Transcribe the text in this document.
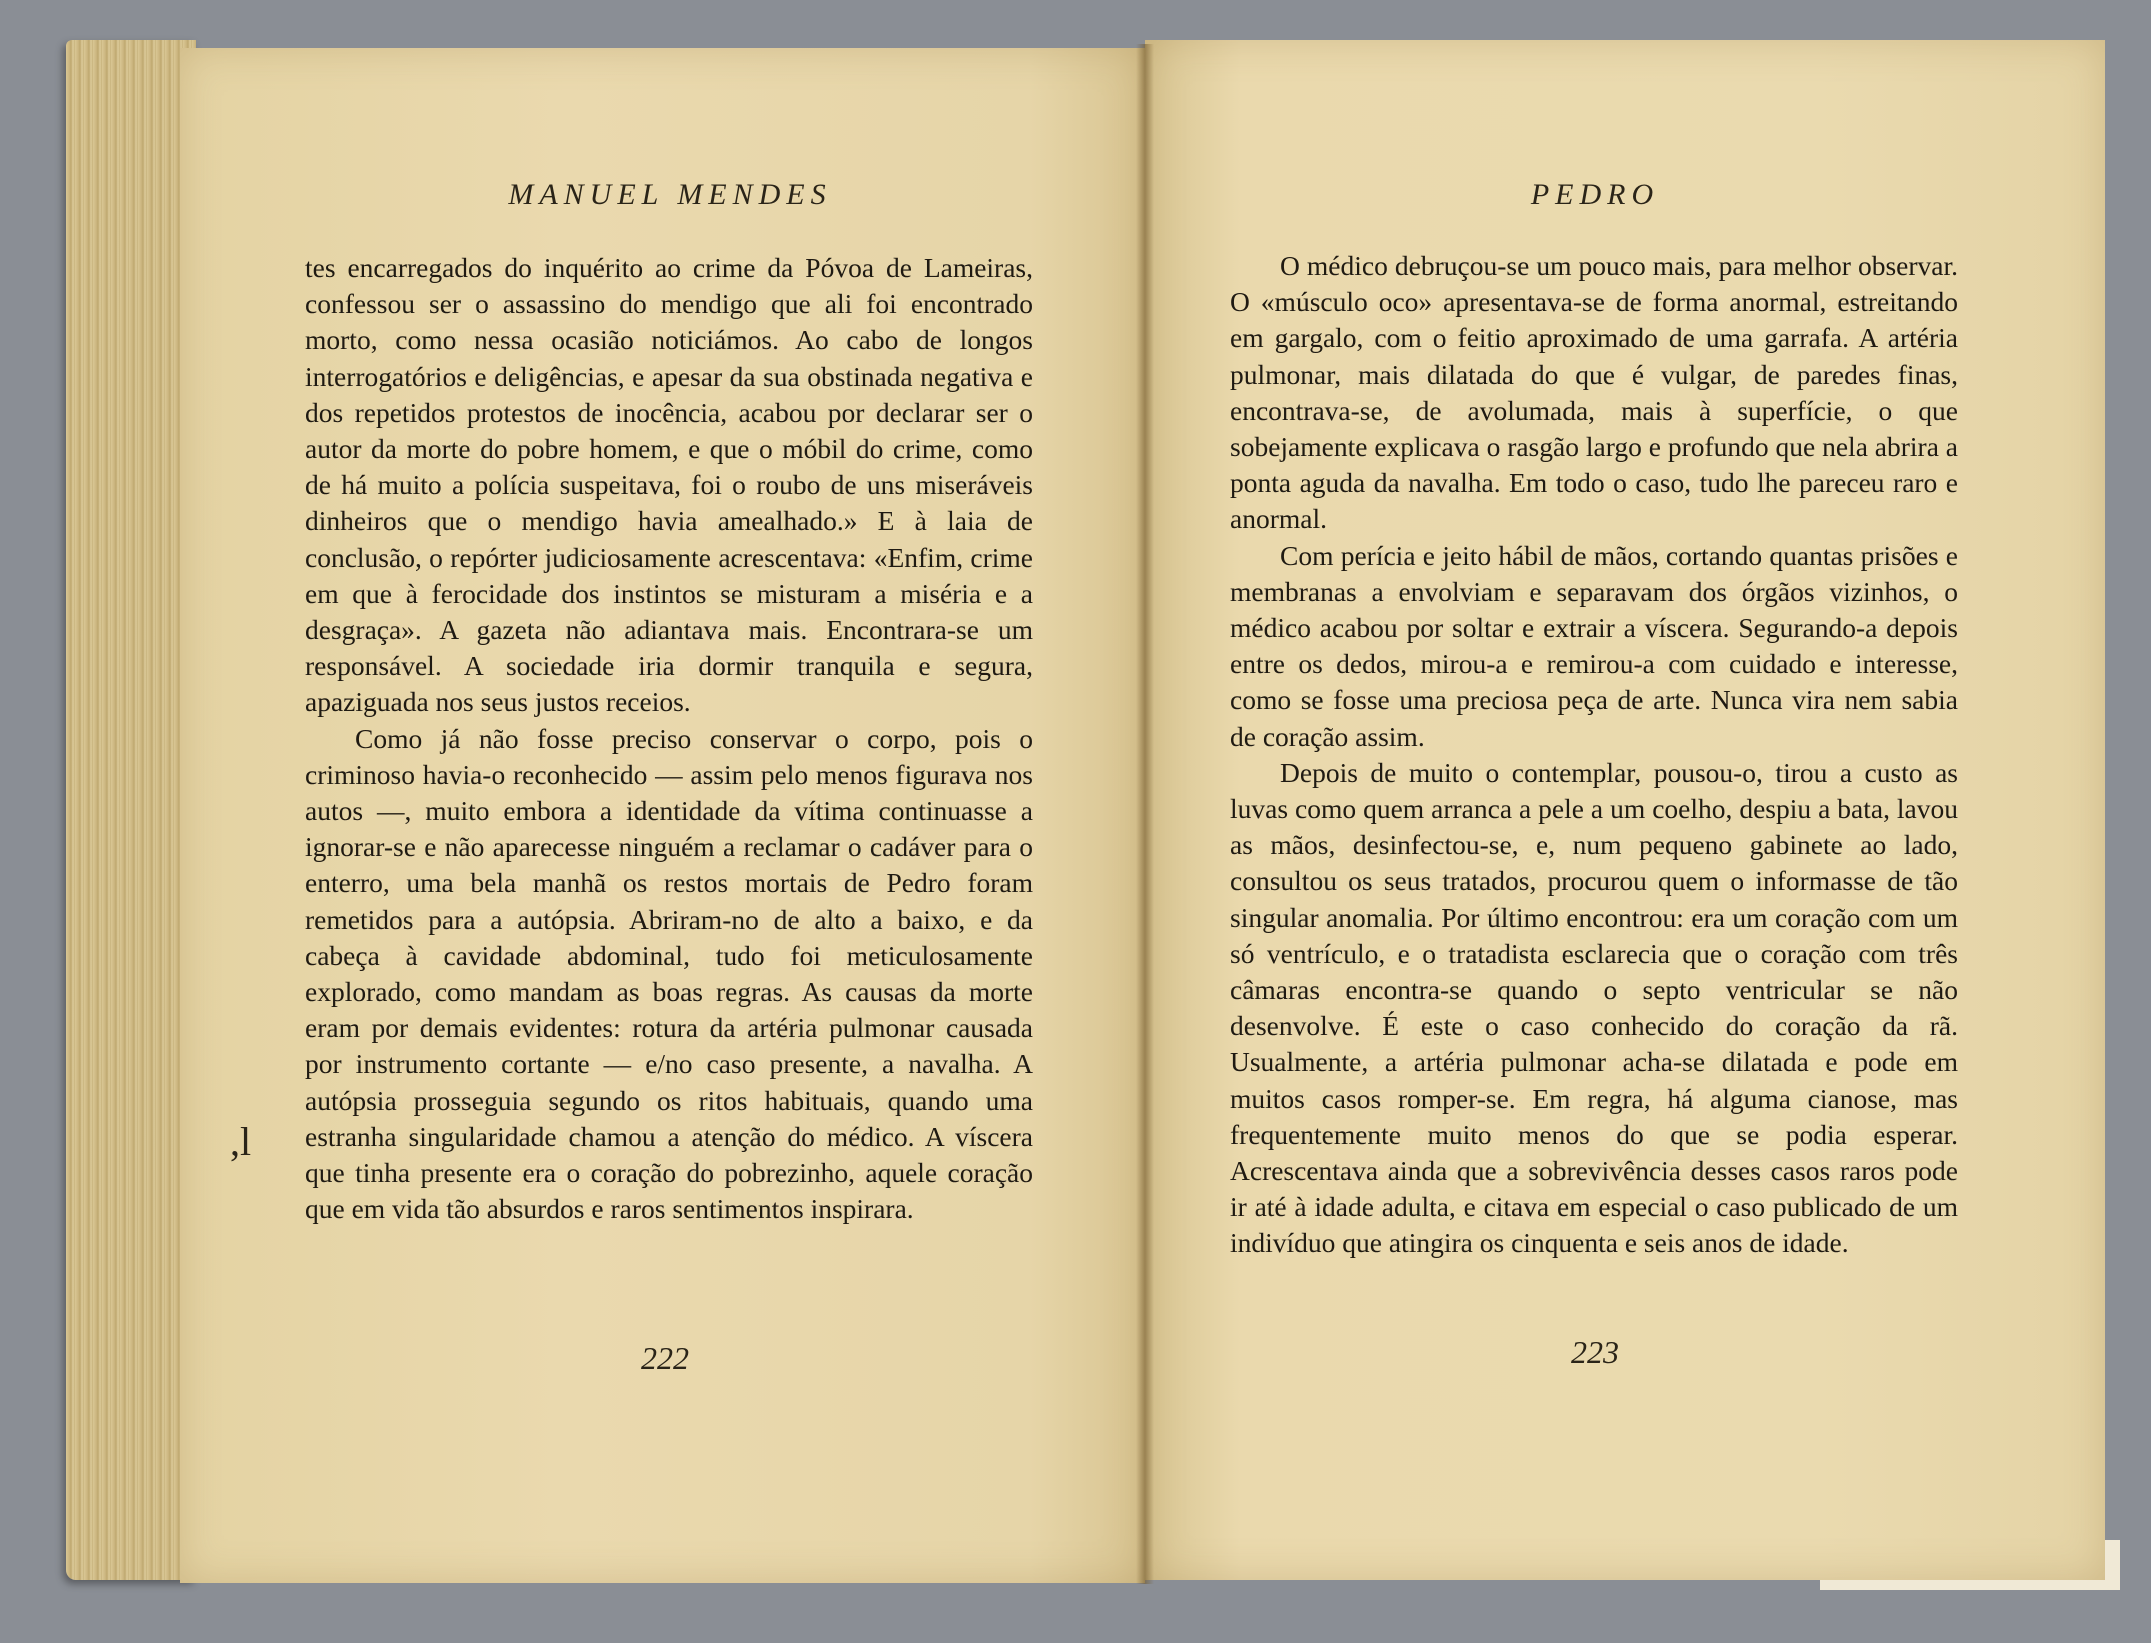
MANUEL MENDES

tes encarregados do inquérito ao crime da Póvoa de Lameiras, confessou ser o assassino do mendigo que ali foi encontrado morto, como nessa ocasião noticiámos. Ao cabo de longos interrogatórios e deligências, e apesar da sua obstinada negativa e dos repetidos protestos de inocência, acabou por declarar ser o autor da morte do pobre homem, e que o móbil do crime, como de há muito a polícia suspeitava, foi o roubo de uns miseráveis dinheiros que o mendigo havia amealhado.» E à laia de conclusão, o repórter judiciosamente acrescentava: «Enfim, crime em que à ferocidade dos instintos se misturam a miséria e a desgraça». A gazeta não adiantava mais. Encontrara-se um responsável. A sociedade iria dormir tranquila e segura, apaziguada nos seus justos receios.

Como já não fosse preciso conservar o corpo, pois o criminoso havia-o reconhecido — assim pelo menos figurava nos autos —, muito embora a identidade da vítima continuasse a ignorar-se e não aparecesse ninguém a reclamar o cadáver para o enterro, uma bela manhã os restos mortais de Pedro foram remetidos para a autópsia. Abriram-no de alto a baixo, e da cabeça à cavidade abdominal, tudo foi meticulosamente explorado, como mandam as boas regras. As causas da morte eram por demais evidentes: rotura da artéria pulmonar causada por instrumento cortante — e/no caso presente, a navalha. A autópsia prosseguia segundo os ritos habituais, quando uma estranha singularidade chamou a atenção do médico. A víscera que tinha presente era o coração do pobrezinho, aquele coração que em vida tão absurdos e raros sentimentos inspirara.

222
,l
PEDRO

O médico debruçou-se um pouco mais, para melhor observar. O «músculo oco» apresentava-se de forma anormal, estreitando em gargalo, com o feitio aproximado de uma garrafa. A artéria pulmonar, mais dilatada do que é vulgar, de paredes finas, encontrava-se, de avolumada, mais à superfície, o que sobejamente explicava o rasgão largo e profundo que nela abrira a ponta aguda da navalha. Em todo o caso, tudo lhe pareceu raro e anormal.

Com perícia e jeito hábil de mãos, cortando quantas prisões e membranas a envolviam e separavam dos órgãos vizinhos, o médico acabou por soltar e extrair a víscera. Segurando-a depois entre os dedos, mirou-a e remirou-a com cuidado e interesse, como se fosse uma preciosa peça de arte. Nunca vira nem sabia de coração assim.

Depois de muito o contemplar, pousou-o, tirou a custo as luvas como quem arranca a pele a um coelho, despiu a bata, lavou as mãos, desinfectou-se, e, num pequeno gabinete ao lado, consultou os seus tratados, procurou quem o informasse de tão singular anomalia. Por último encontrou: era um coração com um só ventrículo, e o tratadista esclarecia que o coração com três câmaras encontra-se quando o septo ventricular se não desenvolve. É este o caso conhecido do coração da rã. Usualmente, a artéria pulmonar acha-se dilatada e pode em muitos casos romper-se. Em regra, há alguma cianose, mas frequentemente muito menos do que se podia esperar. Acrescentava ainda que a sobrevivência desses casos raros pode ir até à idade adulta, e citava em especial o caso publicado de um indivíduo que atingira os cinquenta e seis anos de idade.

223
